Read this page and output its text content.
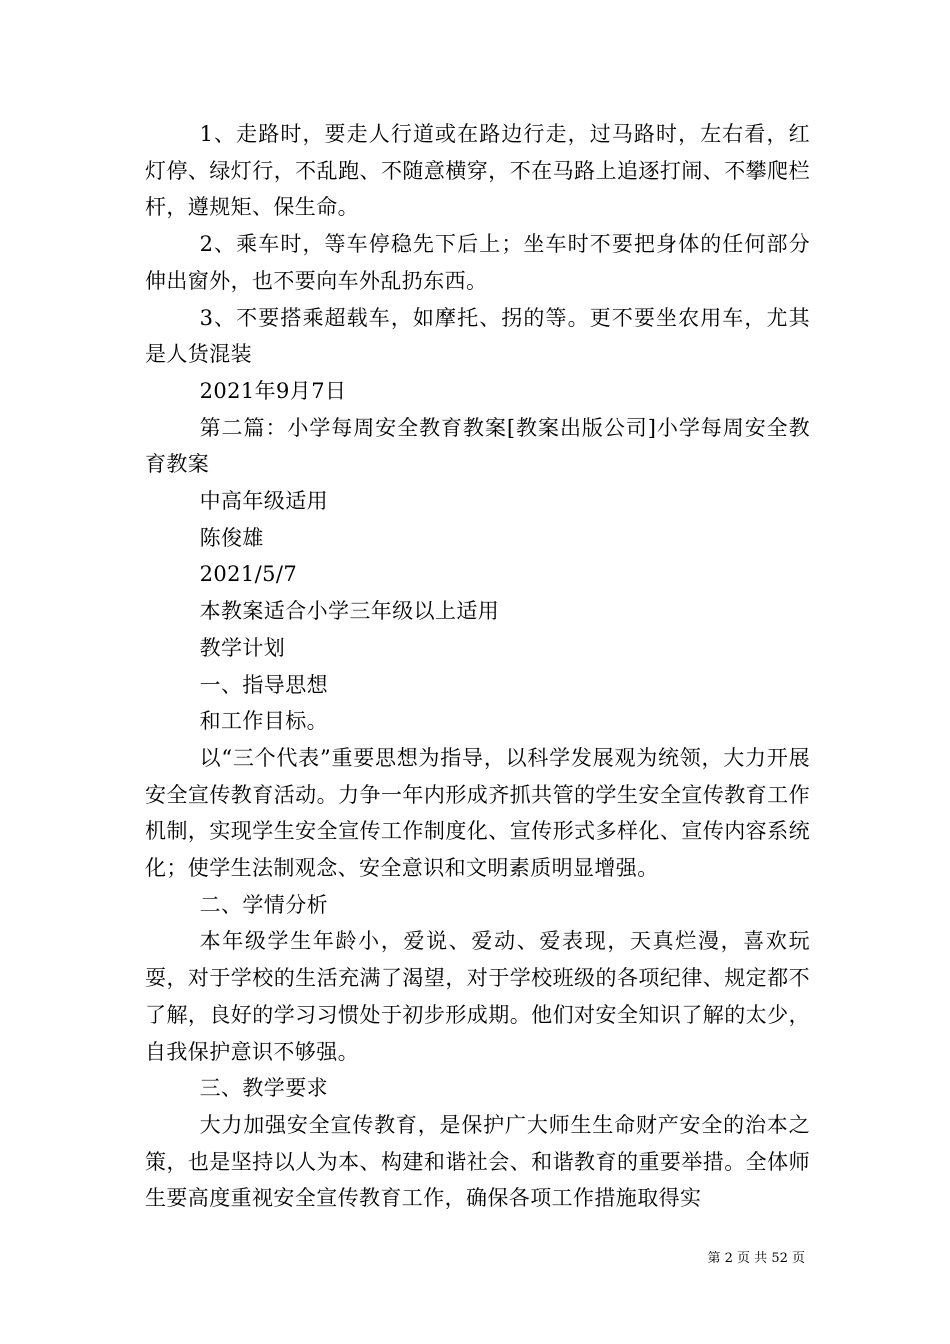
1、走路时，要走人行道或在路边行走，过马路时，左右看，红灯停、绿灯行，不乱跑、不随意横穿，不在马路上追逐打闹、不攀爬栏杆，遵规矩、保生命。

2、乘车时，等车停稳先下后上；坐车时不要把身体的任何部分伸出窗外，也不要向车外乱扔东西。

3、不要搭乘超载车，如摩托、拐的等。更不要坐农用车，尤其是人货混装

2021年9月7日

第二篇：小学每周安全教育教案[教案出版公司]小学每周安全教育教案

中高年级适用

陈俊雄

2021/5/7

本教案适合小学三年级以上适用

教学计划

一、指导思想

和工作目标。

以“三个代表”重要思想为指导，以科学发展观为统领，大力开展安全宣传教育活动。力争一年内形成齐抓共管的学生安全宣传教育工作机制，实现学生安全宣传工作制度化、宣传形式多样化、宣传内容系统化；使学生法制观念、安全意识和文明素质明显增强。

二、学情分析

本年级学生年龄小，爱说、爱动、爱表现，天真烂漫，喜欢玩耍，对于学校的生活充满了渴望，对于学校班级的各项纪律、规定都不了解，良好的学习习惯处于初步形成期。他们对安全知识了解的太少，自我保护意识不够强。

三、教学要求

大力加强安全宣传教育，是保护广大师生生命财产安全的治本之策，也是坚持以人为本、构建和谐社会、和谐教育的重要举措。全体师生要高度重视安全宣传教育工作，确保各项工作措施取得实

第 2 页 共 52 页
